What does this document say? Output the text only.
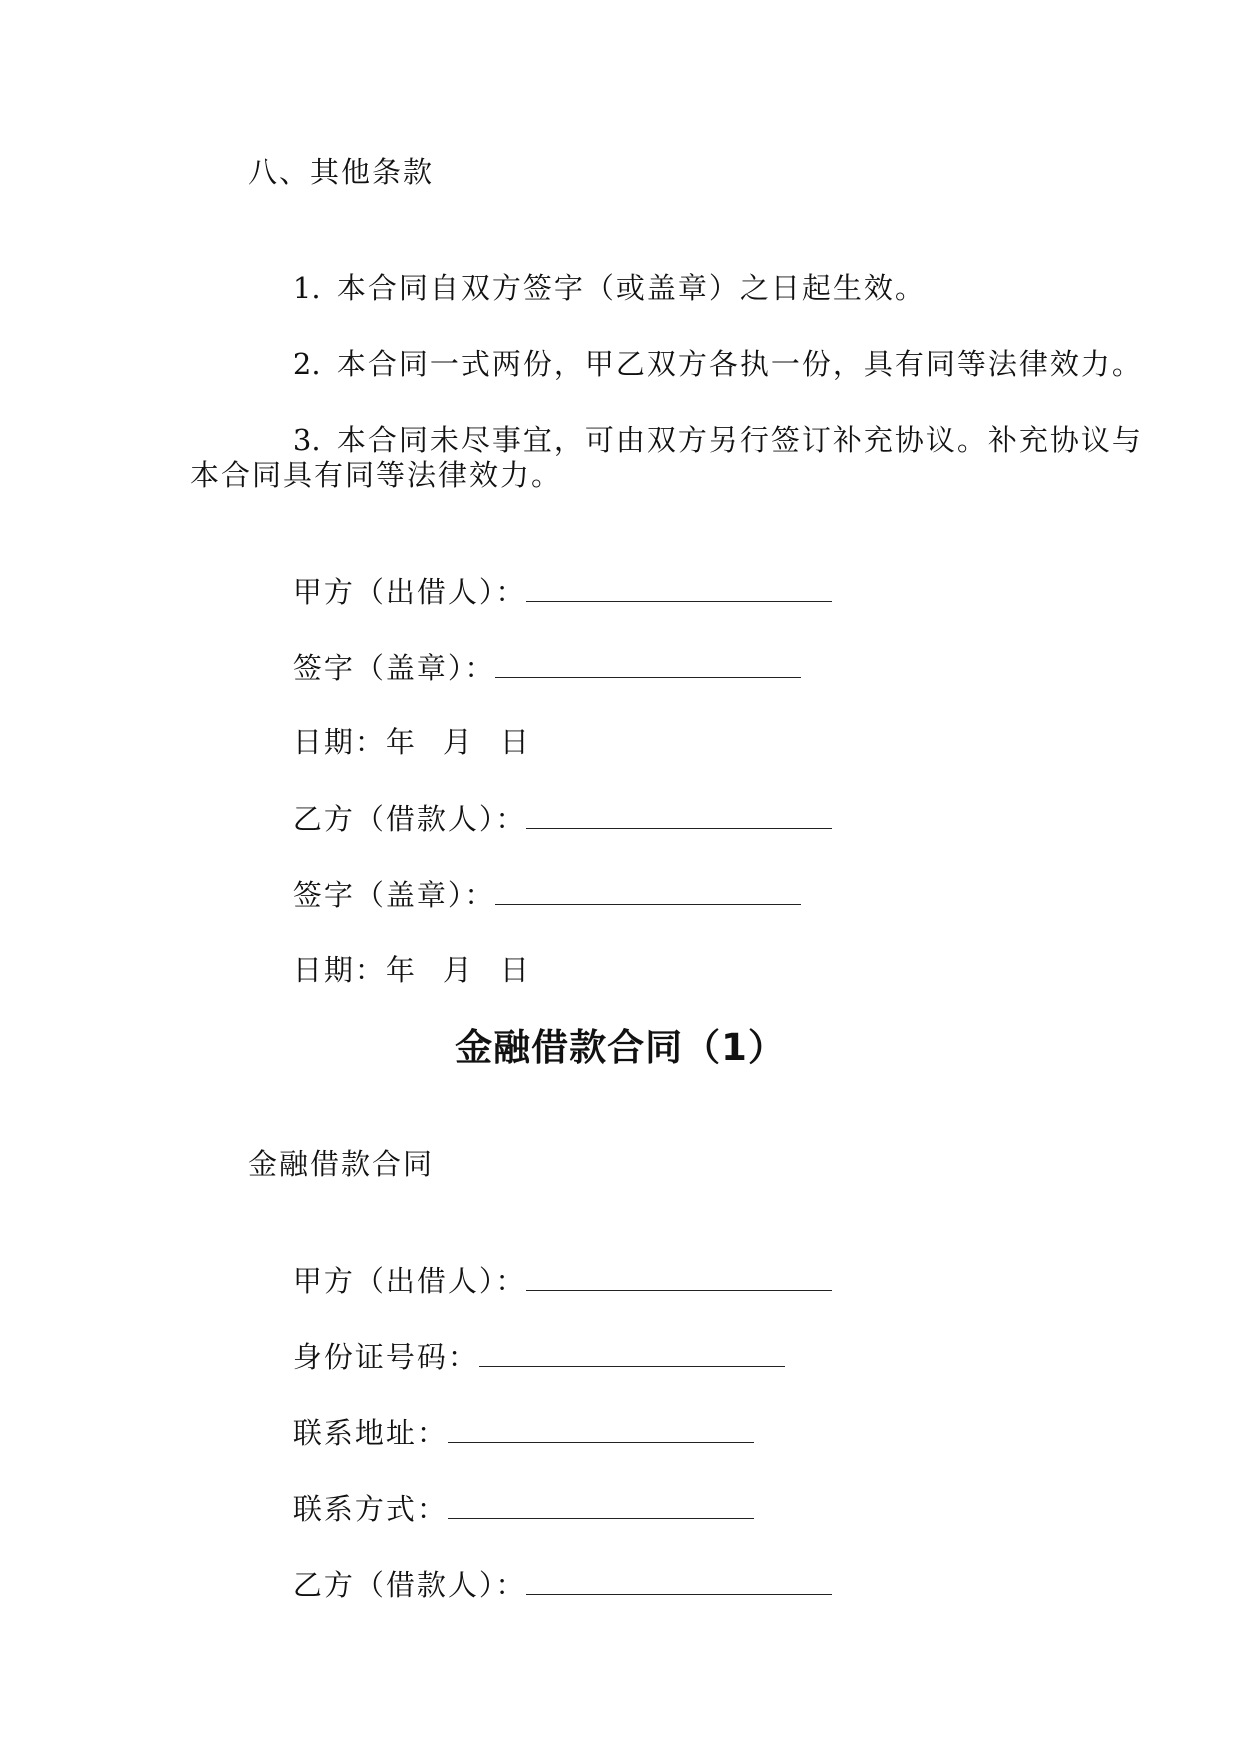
八、其他条款

1. 本合同自双方签字（或盖章）之日起生效。

2. 本合同一式两份，甲乙双方各执一份，具有同等法律效力。

3. 本合同未尽事宜，可由双方另行签订补充协议。补充协议与

本合同具有同等法律效力。

甲方（出借人）：

签字（盖章）：

日期：年 月 日

乙方（借款人）：

签字（盖章）：

日期：年 月 日

金融借款合同（1）
金融借款合同

甲方（出借人）：

身份证号码：

联系地址：

联系方式：

乙方（借款人）：
